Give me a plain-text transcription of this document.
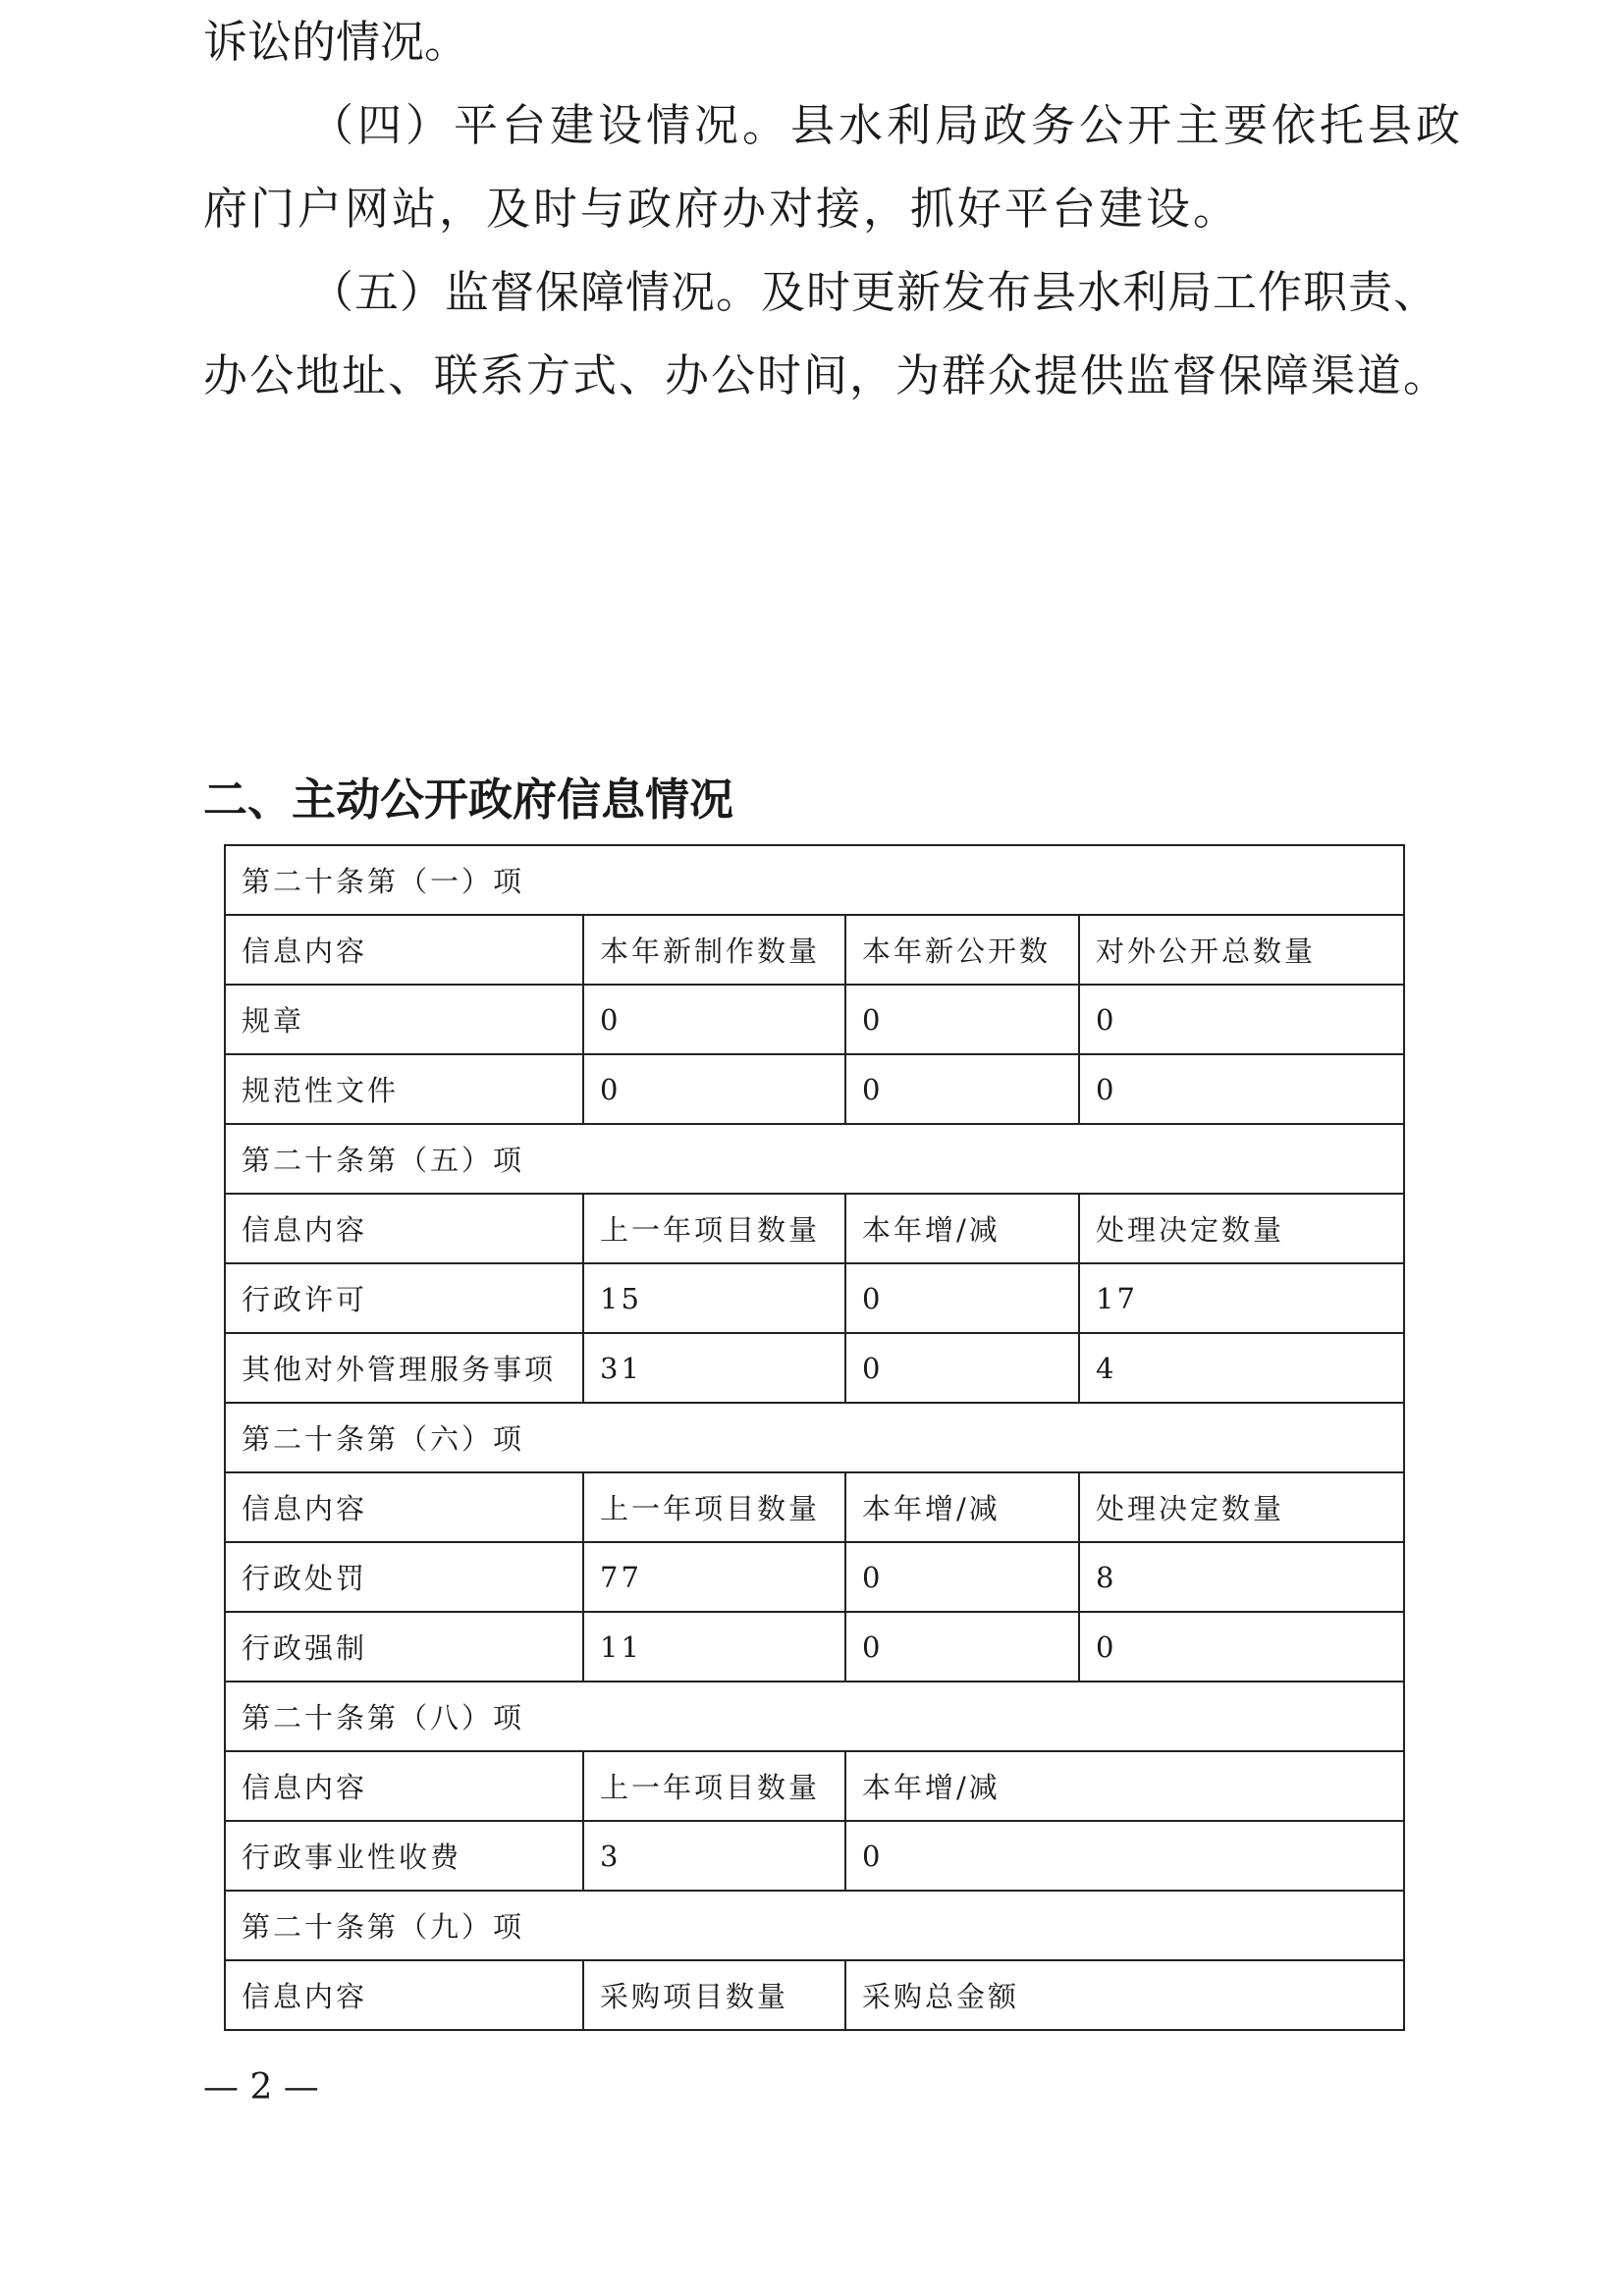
诉讼的情况。
（四）平台建设情况。县水利局政务公开主要依托县政
府门户网站，及时与政府办对接，抓好平台建设。
（五）监督保障情况。及时更新发布县水利局工作职责、
办公地址、联系方式、办公时间，为群众提供监督保障渠道。
二、主动公开政府信息情况
第二十条第（一）项			
信息内容	本年新制作数量	本年新公开数	对外公开总数量
规章	0	0	0
规范性文件	0	0	0
第二十条第（五）项			
信息内容	上一年项目数量	本年增/减	处理决定数量
行政许可	15	0	17
其他对外管理服务事项	31	0	4
第二十条第（六）项			
信息内容	上一年项目数量	本年增/减	处理决定数量
行政处罚	77	0	8
行政强制	11	0	0
第二十条第（八）项			
信息内容	上一年项目数量	本年增/减	
行政事业性收费	3	0	
第二十条第（九）项			
信息内容	采购项目数量	采购总金额	
— 2 —
